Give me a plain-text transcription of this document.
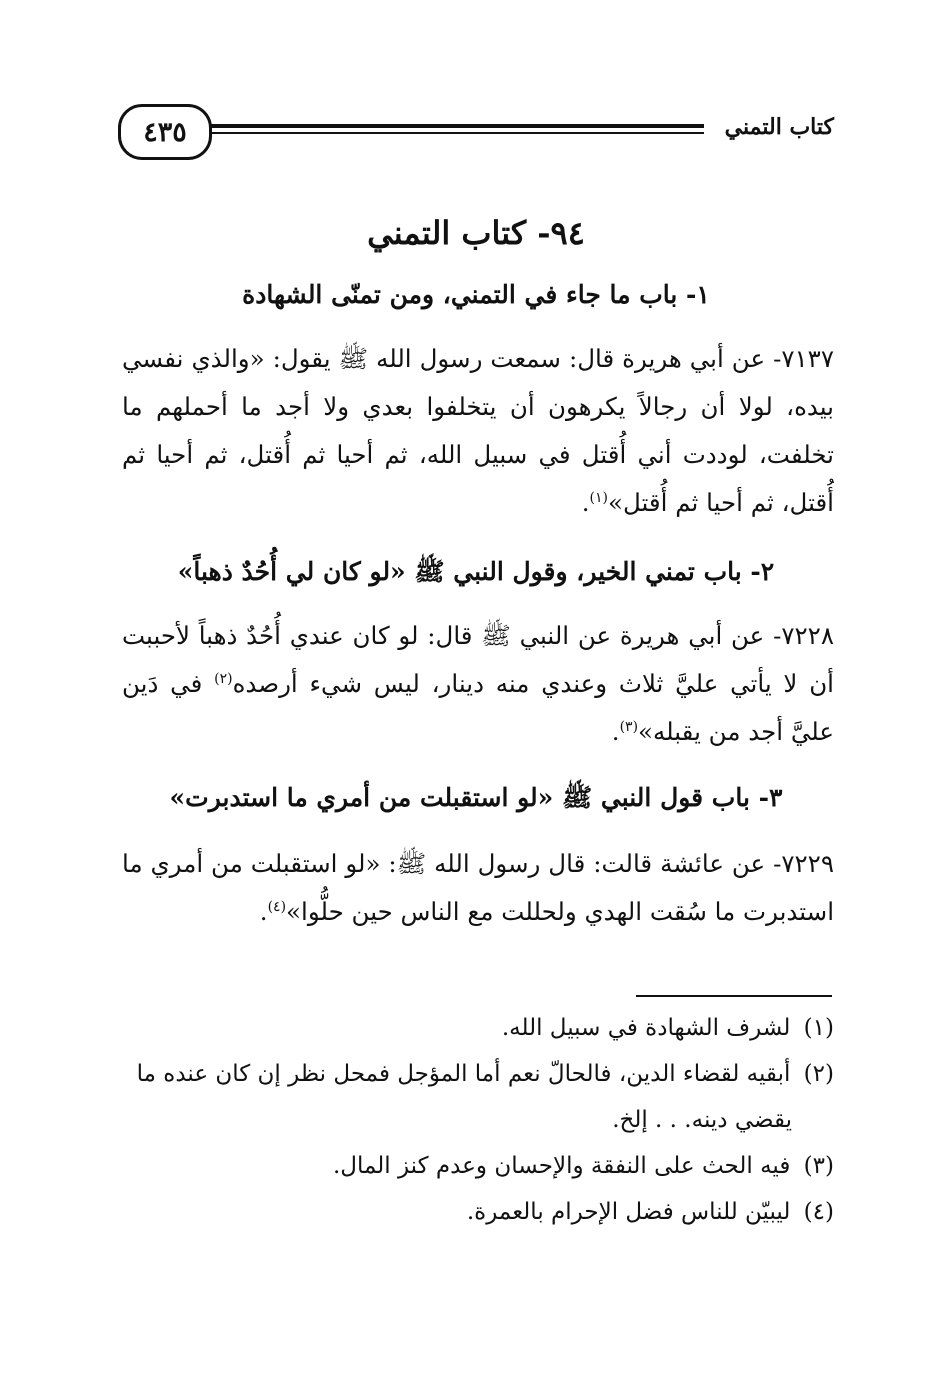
٤٣٥	كتاب التمني
٩٤- كتاب التمني
١- باب ما جاء في التمني، ومن تمنّى الشهادة
٧١٣٧- عن أبي هريرة قال: سمعت رسول الله ﷺ يقول: «والذي نفسي بيده، لولا أن رجالاً يكرهون أن يتخلفوا بعدي ولا أجد ما أحملهم ما تخلفت، لوددت أني أُقتل في سبيل الله، ثم أحيا ثم أُقتل، ثم أحيا ثم أُقتل، ثم أحيا ثم أُقتل»$^{(١)}$.
٢- باب تمني الخير، وقول النبي ﷺ «لو كان لي أُحُدٌ ذهباً»
٧٢٢٨- عن أبي هريرة عن النبي ﷺ قال: لو كان عندي أُحُدٌ ذهباً لأحببت أن لا يأتي عليَّ ثلاث وعندي منه دينار، ليس شيء أرصده$^{(٢)}$ في دَين عليَّ أجد من يقبله»$^{(٣)}$.
٣- باب قول النبي ﷺ «لو استقبلت من أمري ما استدبرت»
٧٢٢٩- عن عائشة قالت: قال رسول الله ﷺ: «لو استقبلت من أمري ما استدبرت ما سُقت الهدي ولحللت مع الناس حين حلُّوا»$^{(٤)}$.
(١) لشرف الشهادة في سبيل الله.
(٢) أبقيه لقضاء الدين، فالحالّ نعم أما المؤجل فمحل نظر إن كان عنده ما
يقضي دينه. . . إلخ.
(٣) فيه الحث على النفقة والإحسان وعدم كنز المال.
(٤) ليبيّن للناس فضل الإحرام بالعمرة.
